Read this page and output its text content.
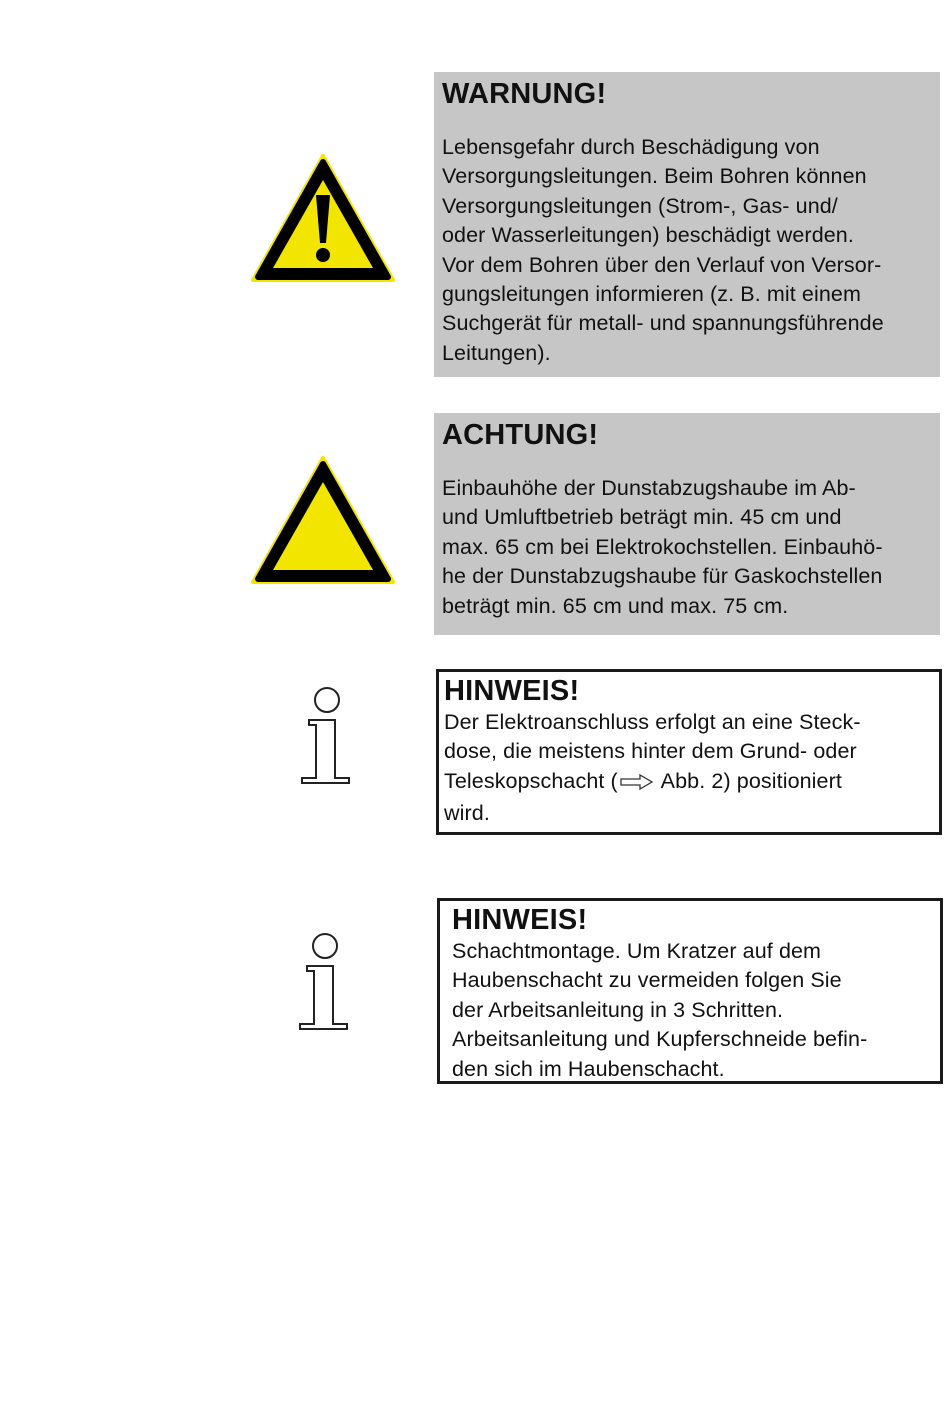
WARNUNG!
Lebensgefahr durch Beschädigung von
Versorgungsleitungen. Beim Bohren können
Versorgungsleitungen (Strom-, Gas- und/
oder Wasserleitungen) beschädigt werden.
Vor dem Bohren über den Verlauf von Versor-
gungsleitungen informieren (z. B. mit einem
Suchgerät für metall- und spannungsführende
Leitungen).
ACHTUNG!
Einbauhöhe der Dunstabzugshaube im Ab-
und Umluftbetrieb beträgt min. 45 cm und
max. 65 cm bei Elektrokochstellen. Einbauhö-
he der Dunstabzugshaube für Gaskochstellen
beträgt min. 65 cm und max. 75 cm.
HINWEIS!
Der Elektroanschluss erfolgt an eine Steck-
dose, die meistens hinter dem Grund- oder
Teleskopschacht ( Abb. 2) positioniert
wird.
HINWEIS!
Schachtmontage. Um Kratzer auf dem
Haubenschacht zu vermeiden folgen Sie
der Arbeitsanleitung in 3 Schritten.
Arbeitsanleitung und Kupferschneide befin-
den sich im Haubenschacht.
